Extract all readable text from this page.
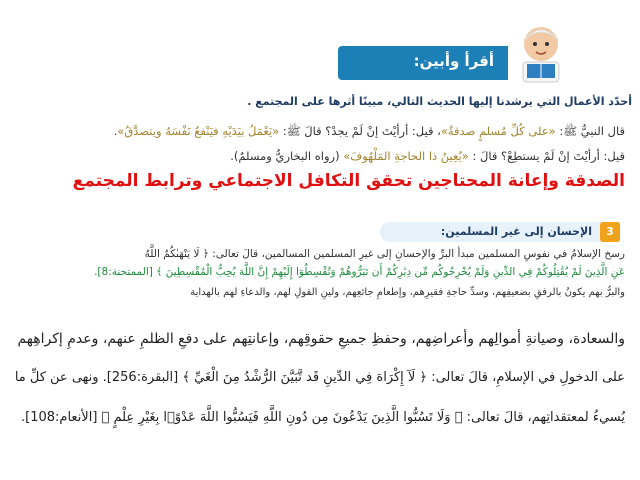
​
أقرأ وأبين:
أحدّد الأعمال التي يرشدنا إليها الحديث التالي، مبينًا أثرها على المجتمع .
قال النبيُّ ﷺ: «على كُلِّ مُسلمٍ صدقةٌ»، قيل: أرأيْتَ إنْ لَمْ يجدْ؟ قالَ ﷺ: «يَعْمَلُ بيَدَيْهِ فيَنْفعُ نَفْسَهُ ويتصدَّقُ».
قيل: أرأيْتَ إنْ لَمْ يستطِعْ؟ قالَ : «يُعِينُ ذا الحاجةِ المَلْهُوفَ» (رواه البخاريُّ ومسلمٌ).
الصدقة وإعانة المحتاجين تحقق التكافل الاجتماعي وترابط المجتمع
3
الإحسان إلى غير المسلمين:
رسخ الإسلامُ في نفوسِ المسلمين مبدأ البرِّ والإحسانِ إلى غيرِ المسلمين المسالمين، قالَ تعالى: ﴿ لَا يَنْهَىٰكُمُ اللَّهُ
عَنِ الَّذِينَ لَمْ يُقَٰتِلُوكُمْ فِي الدِّينِ وَلَمْ يُخْرِجُوكُم مِّن دِيَٰرِكُمْ أَن تَبَرُّوهُمْ وَتُقْسِطُوٓا إِلَيْهِمْ إِنَّ اللَّهَ يُحِبُّ الْمُقْسِطِينَ ﴾ [الممتحنة:8].
والبرُّ بهم يكونُ بالرفقِ بضعيفِهم، وسدِّ حاجةِ فقيرِهم، وإطعامِ جائعِهم، ولينِ القولِ لهم، والدعاءِ لهم بالهداية
والسعادة، وصيانةِ أموالِهم وأعراضِهم، وحفظِ جميعِ حقوقِهم، وإعانتِهم على دفعِ الظلمِ عنهم، وعدمِ إكراهِهم
على الدخولِ في الإسلامِ، قالَ تعالى: ﴿ لَآ إِكْرَاهَ فِي الدِّينِ قَد تَّبَيَّنَ الرُّشْدُ مِنَ الْغَيِّ ﴾ [البقرة:256]. ونهى عن كلِّ ما
يُسيءُ لمعتقداتِهم، قالَ تعالى: ﴿ وَلَا تَسُبُّوا الَّذِينَ يَدْعُونَ مِن دُونِ اللَّهِ فَيَسُبُّوا اللَّهَ عَدْوًۢا بِغَيْرِ عِلْمٍ ﴾ [الأنعام:108].
